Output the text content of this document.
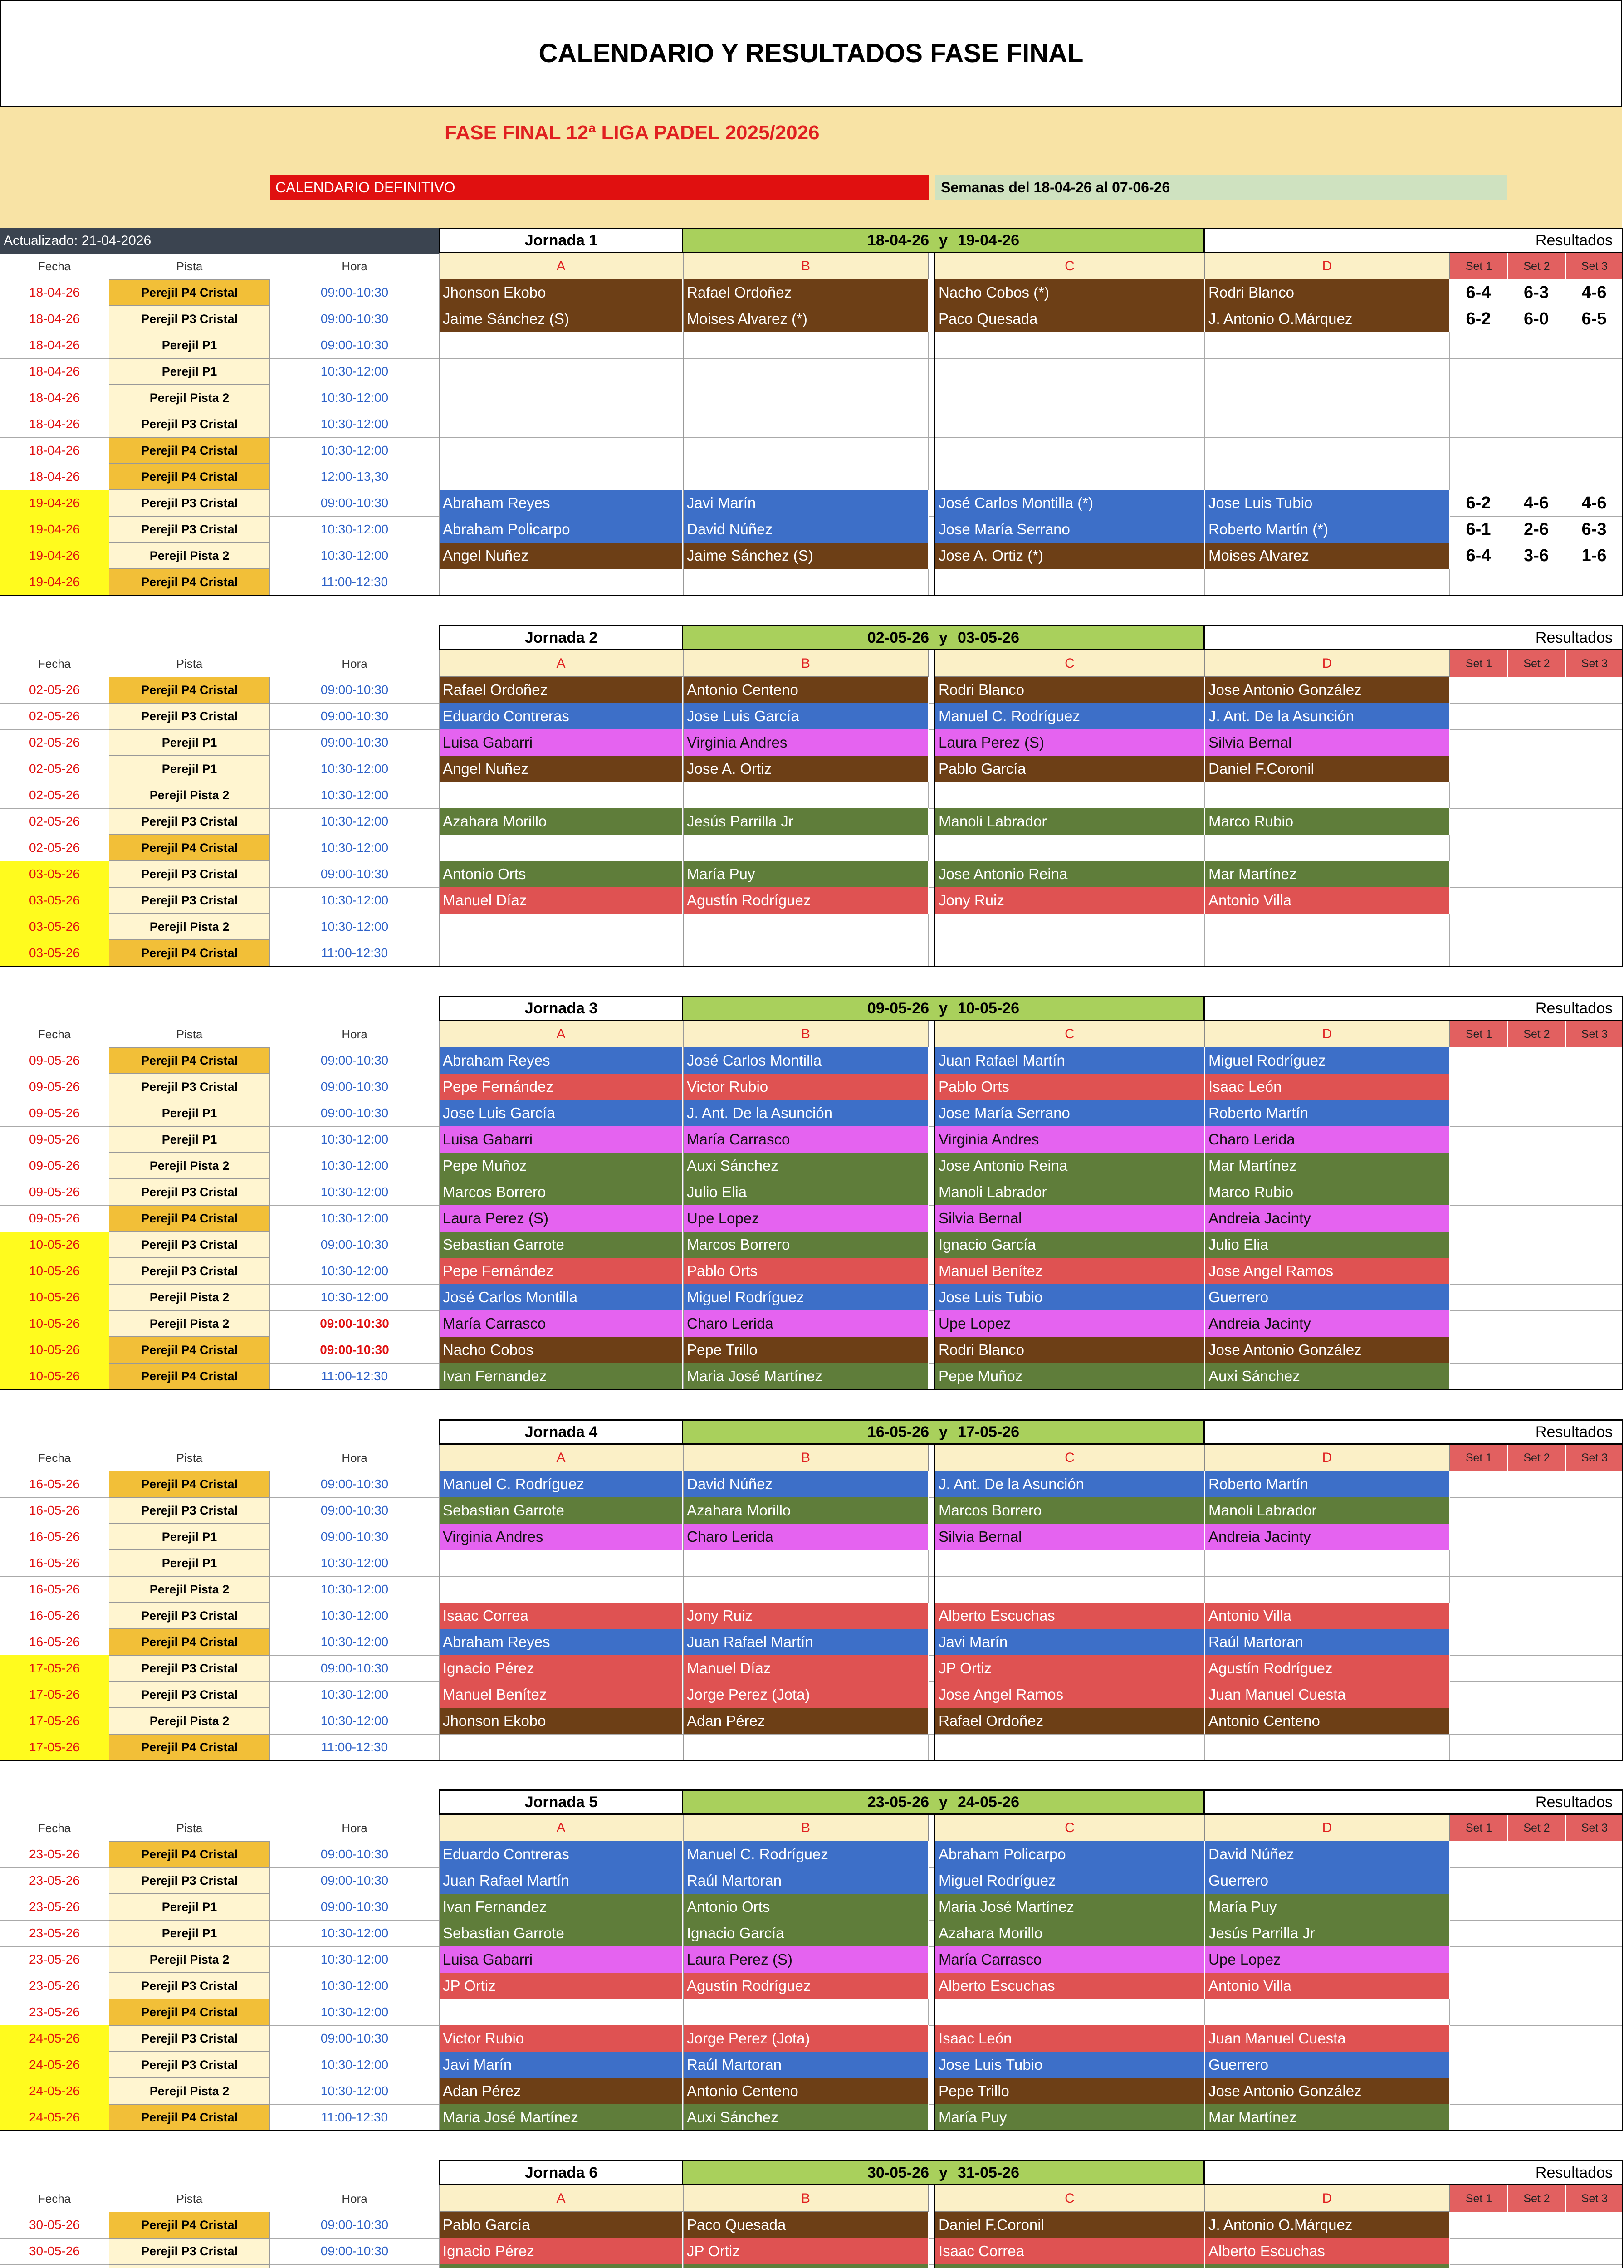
CALENDARIO Y RESULTADOS FASE FINAL
FASE FINAL 12ª LIGA PADEL 2025/2026
CALENDARIO DEFINITIVO	Semanas del 18-04-26 al 07-06-26
Actualizado: 21-04-2026	Jornada 1	18-04-26 y 19-04-26	Resultados
Fecha	Pista	Hora	A	B	C	D	Set 1	Set 2	Set 3
18-04-26	Perejil P4 Cristal	09:00-10:30	Jhonson Ekobo	Rafael Ordoñez	Nacho Cobos (*)	Rodri Blanco	6-4	6-3	4-6
18-04-26	Perejil P3 Cristal	09:00-10:30	Jaime Sánchez (S)	Moises Alvarez (*)	Paco Quesada	J. Antonio O.Márquez	6-2	6-0	6-5
18-04-26	Perejil P1	09:00-10:30
18-04-26	Perejil P1	10:30-12:00
18-04-26	Perejil Pista 2	10:30-12:00
18-04-26	Perejil P3 Cristal	10:30-12:00
18-04-26	Perejil P4 Cristal	10:30-12:00
18-04-26	Perejil P4 Cristal	12:00-13,30
19-04-26	Perejil P3 Cristal	09:00-10:30	Abraham Reyes	Javi Marín	José Carlos Montilla (*)	Jose Luis Tubio	6-2	4-6	4-6
19-04-26	Perejil P3 Cristal	10:30-12:00	Abraham Policarpo	David Núñez	Jose María Serrano	Roberto Martín (*)	6-1	2-6	6-3
19-04-26	Perejil Pista 2	10:30-12:00	Angel Nuñez	Jaime Sánchez (S)	Jose A. Ortiz (*)	Moises Alvarez	6-4	3-6	1-6
19-04-26	Perejil P4 Cristal	11:00-12:30
Jornada 2	02-05-26 y 03-05-26	Resultados
Fecha	Pista	Hora	A	B	C	D	Set 1	Set 2	Set 3
02-05-26	Perejil P4 Cristal	09:00-10:30	Rafael Ordoñez	Antonio Centeno	Rodri Blanco	Jose Antonio González
02-05-26	Perejil P3 Cristal	09:00-10:30	Eduardo Contreras	Jose Luis García	Manuel C. Rodríguez	J. Ant. De la Asunción
02-05-26	Perejil P1	09:00-10:30	Luisa Gabarri	Virginia Andres	Laura Perez (S)	Silvia Bernal
02-05-26	Perejil P1	10:30-12:00	Angel Nuñez	Jose A. Ortiz	Pablo García	Daniel F.Coronil
02-05-26	Perejil Pista 2	10:30-12:00
02-05-26	Perejil P3 Cristal	10:30-12:00	Azahara Morillo	Jesús Parrilla Jr	Manoli Labrador	Marco Rubio
02-05-26	Perejil P4 Cristal	10:30-12:00
03-05-26	Perejil P3 Cristal	09:00-10:30	Antonio Orts	María Puy	Jose Antonio Reina	Mar Martínez
03-05-26	Perejil P3 Cristal	10:30-12:00	Manuel Díaz	Agustín Rodríguez	Jony Ruiz	Antonio Villa
03-05-26	Perejil Pista 2	10:30-12:00
03-05-26	Perejil P4 Cristal	11:00-12:30
Jornada 3	09-05-26 y 10-05-26	Resultados
Fecha	Pista	Hora	A	B	C	D	Set 1	Set 2	Set 3
09-05-26	Perejil P4 Cristal	09:00-10:30	Abraham Reyes	José Carlos Montilla	Juan Rafael Martín	Miguel Rodríguez
09-05-26	Perejil P3 Cristal	09:00-10:30	Pepe Fernández	Victor Rubio	Pablo Orts	Isaac León
09-05-26	Perejil P1	09:00-10:30	Jose Luis García	J. Ant. De la Asunción	Jose María Serrano	Roberto Martín
09-05-26	Perejil P1	10:30-12:00	Luisa Gabarri	María Carrasco	Virginia Andres	Charo Lerida
09-05-26	Perejil Pista 2	10:30-12:00	Pepe Muñoz	Auxi Sánchez	Jose Antonio Reina	Mar Martínez
09-05-26	Perejil P3 Cristal	10:30-12:00	Marcos Borrero	Julio Elia	Manoli Labrador	Marco Rubio
09-05-26	Perejil P4 Cristal	10:30-12:00	Laura Perez (S)	Upe Lopez	Silvia Bernal	Andreia Jacinty
10-05-26	Perejil P3 Cristal	09:00-10:30	Sebastian Garrote	Marcos Borrero	Ignacio García	Julio Elia
10-05-26	Perejil P3 Cristal	10:30-12:00	Pepe Fernández	Pablo Orts	Manuel Benítez	Jose Angel Ramos
10-05-26	Perejil Pista 2	10:30-12:00	José Carlos Montilla	Miguel Rodríguez	Jose Luis Tubio	Guerrero
10-05-26	Perejil Pista 2	09:00-10:30	María Carrasco	Charo Lerida	Upe Lopez	Andreia Jacinty
10-05-26	Perejil P4 Cristal	09:00-10:30	Nacho Cobos	Pepe Trillo	Rodri Blanco	Jose Antonio González
10-05-26	Perejil P4 Cristal	11:00-12:30	Ivan Fernandez	Maria José Martínez	Pepe Muñoz	Auxi Sánchez
Jornada 4	16-05-26 y 17-05-26	Resultados
Fecha	Pista	Hora	A	B	C	D	Set 1	Set 2	Set 3
16-05-26	Perejil P4 Cristal	09:00-10:30	Manuel C. Rodríguez	David Núñez	J. Ant. De la Asunción	Roberto Martín
16-05-26	Perejil P3 Cristal	09:00-10:30	Sebastian Garrote	Azahara Morillo	Marcos Borrero	Manoli Labrador
16-05-26	Perejil P1	09:00-10:30	Virginia Andres	Charo Lerida	Silvia Bernal	Andreia Jacinty
16-05-26	Perejil P1	10:30-12:00
16-05-26	Perejil Pista 2	10:30-12:00
16-05-26	Perejil P3 Cristal	10:30-12:00	Isaac Correa	Jony Ruiz	Alberto Escuchas	Antonio Villa
16-05-26	Perejil P4 Cristal	10:30-12:00	Abraham Reyes	Juan Rafael Martín	Javi Marín	Raúl Martoran
17-05-26	Perejil P3 Cristal	09:00-10:30	Ignacio Pérez	Manuel Díaz	JP Ortiz	Agustín Rodríguez
17-05-26	Perejil P3 Cristal	10:30-12:00	Manuel Benítez	Jorge Perez (Jota)	Jose Angel Ramos	Juan Manuel Cuesta
17-05-26	Perejil Pista 2	10:30-12:00	Jhonson Ekobo	Adan Pérez	Rafael Ordoñez	Antonio Centeno
17-05-26	Perejil P4 Cristal	11:00-12:30
Jornada 5	23-05-26 y 24-05-26	Resultados
Fecha	Pista	Hora	A	B	C	D	Set 1	Set 2	Set 3
23-05-26	Perejil P4 Cristal	09:00-10:30	Eduardo Contreras	Manuel C. Rodríguez	Abraham Policarpo	David Núñez
23-05-26	Perejil P3 Cristal	09:00-10:30	Juan Rafael Martín	Raúl Martoran	Miguel Rodríguez	Guerrero
23-05-26	Perejil P1	09:00-10:30	Ivan Fernandez	Antonio Orts	Maria José Martínez	María Puy
23-05-26	Perejil P1	10:30-12:00	Sebastian Garrote	Ignacio García	Azahara Morillo	Jesús Parrilla Jr
23-05-26	Perejil Pista 2	10:30-12:00	Luisa Gabarri	Laura Perez (S)	María Carrasco	Upe Lopez
23-05-26	Perejil P3 Cristal	10:30-12:00	JP Ortiz	Agustín Rodríguez	Alberto Escuchas	Antonio Villa
23-05-26	Perejil P4 Cristal	10:30-12:00
24-05-26	Perejil P3 Cristal	09:00-10:30	Victor Rubio	Jorge Perez (Jota)	Isaac León	Juan Manuel Cuesta
24-05-26	Perejil P3 Cristal	10:30-12:00	Javi Marín	Raúl Martoran	Jose Luis Tubio	Guerrero
24-05-26	Perejil Pista 2	10:30-12:00	Adan Pérez	Antonio Centeno	Pepe Trillo	Jose Antonio González
24-05-26	Perejil P4 Cristal	11:00-12:30	Maria José Martínez	Auxi Sánchez	María Puy	Mar Martínez
Jornada 6	30-05-26 y 31-05-26	Resultados
Fecha	Pista	Hora	A	B	C	D	Set 1	Set 2	Set 3
30-05-26	Perejil P4 Cristal	09:00-10:30	Pablo García	Paco Quesada	Daniel F.Coronil	J. Antonio O.Márquez
30-05-26	Perejil P3 Cristal	09:00-10:30	Ignacio Pérez	JP Ortiz	Isaac Correa	Alberto Escuchas
